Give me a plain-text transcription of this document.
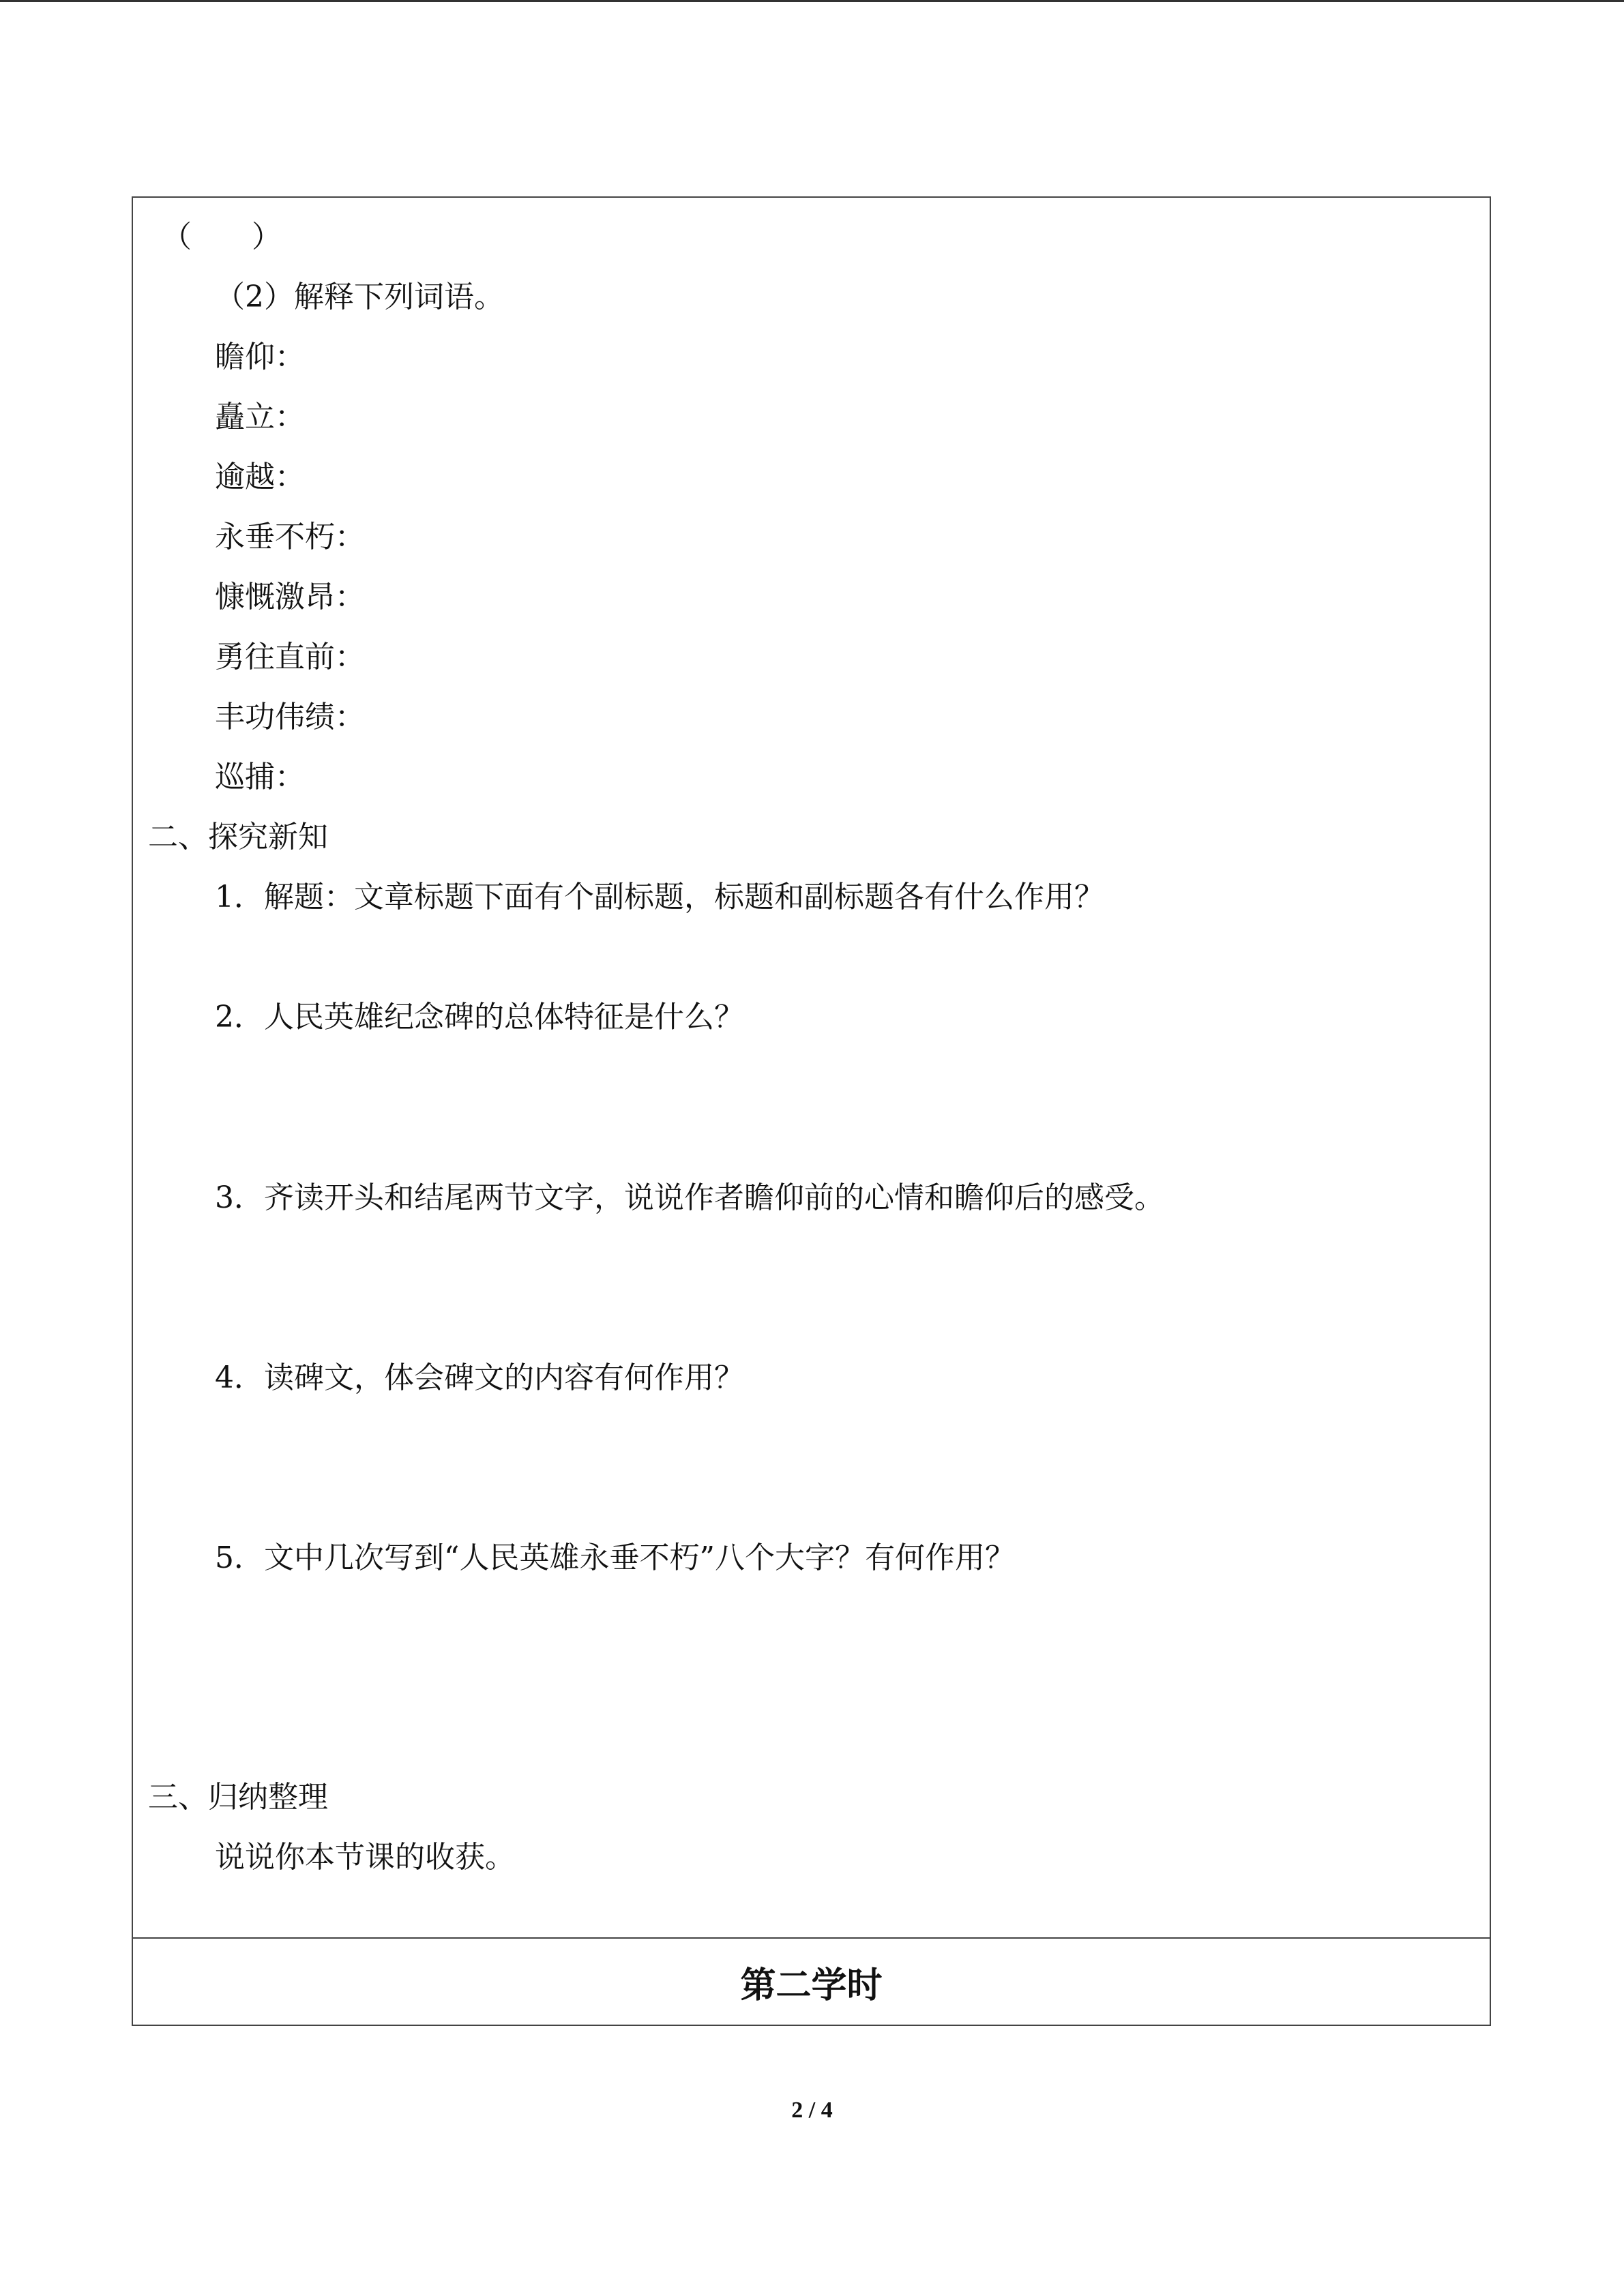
（　　）

（2）解释下列词语。

瞻仰：

矗立：

逾越：

永垂不朽：

慷慨激昂：

勇往直前：

丰功伟绩：

巡捕：

二、探究新知

1．解题：文章标题下面有个副标题，标题和副标题各有什么作用？

2．人民英雄纪念碑的总体特征是什么？

3．齐读开头和结尾两节文字，说说作者瞻仰前的心情和瞻仰后的感受。

4．读碑文，体会碑文的内容有何作用？

5．文中几次写到“人民英雄永垂不朽”八个大字？有何作用？

三、归纳整理

说说你本节课的收获。

第二学时
2 / 4
